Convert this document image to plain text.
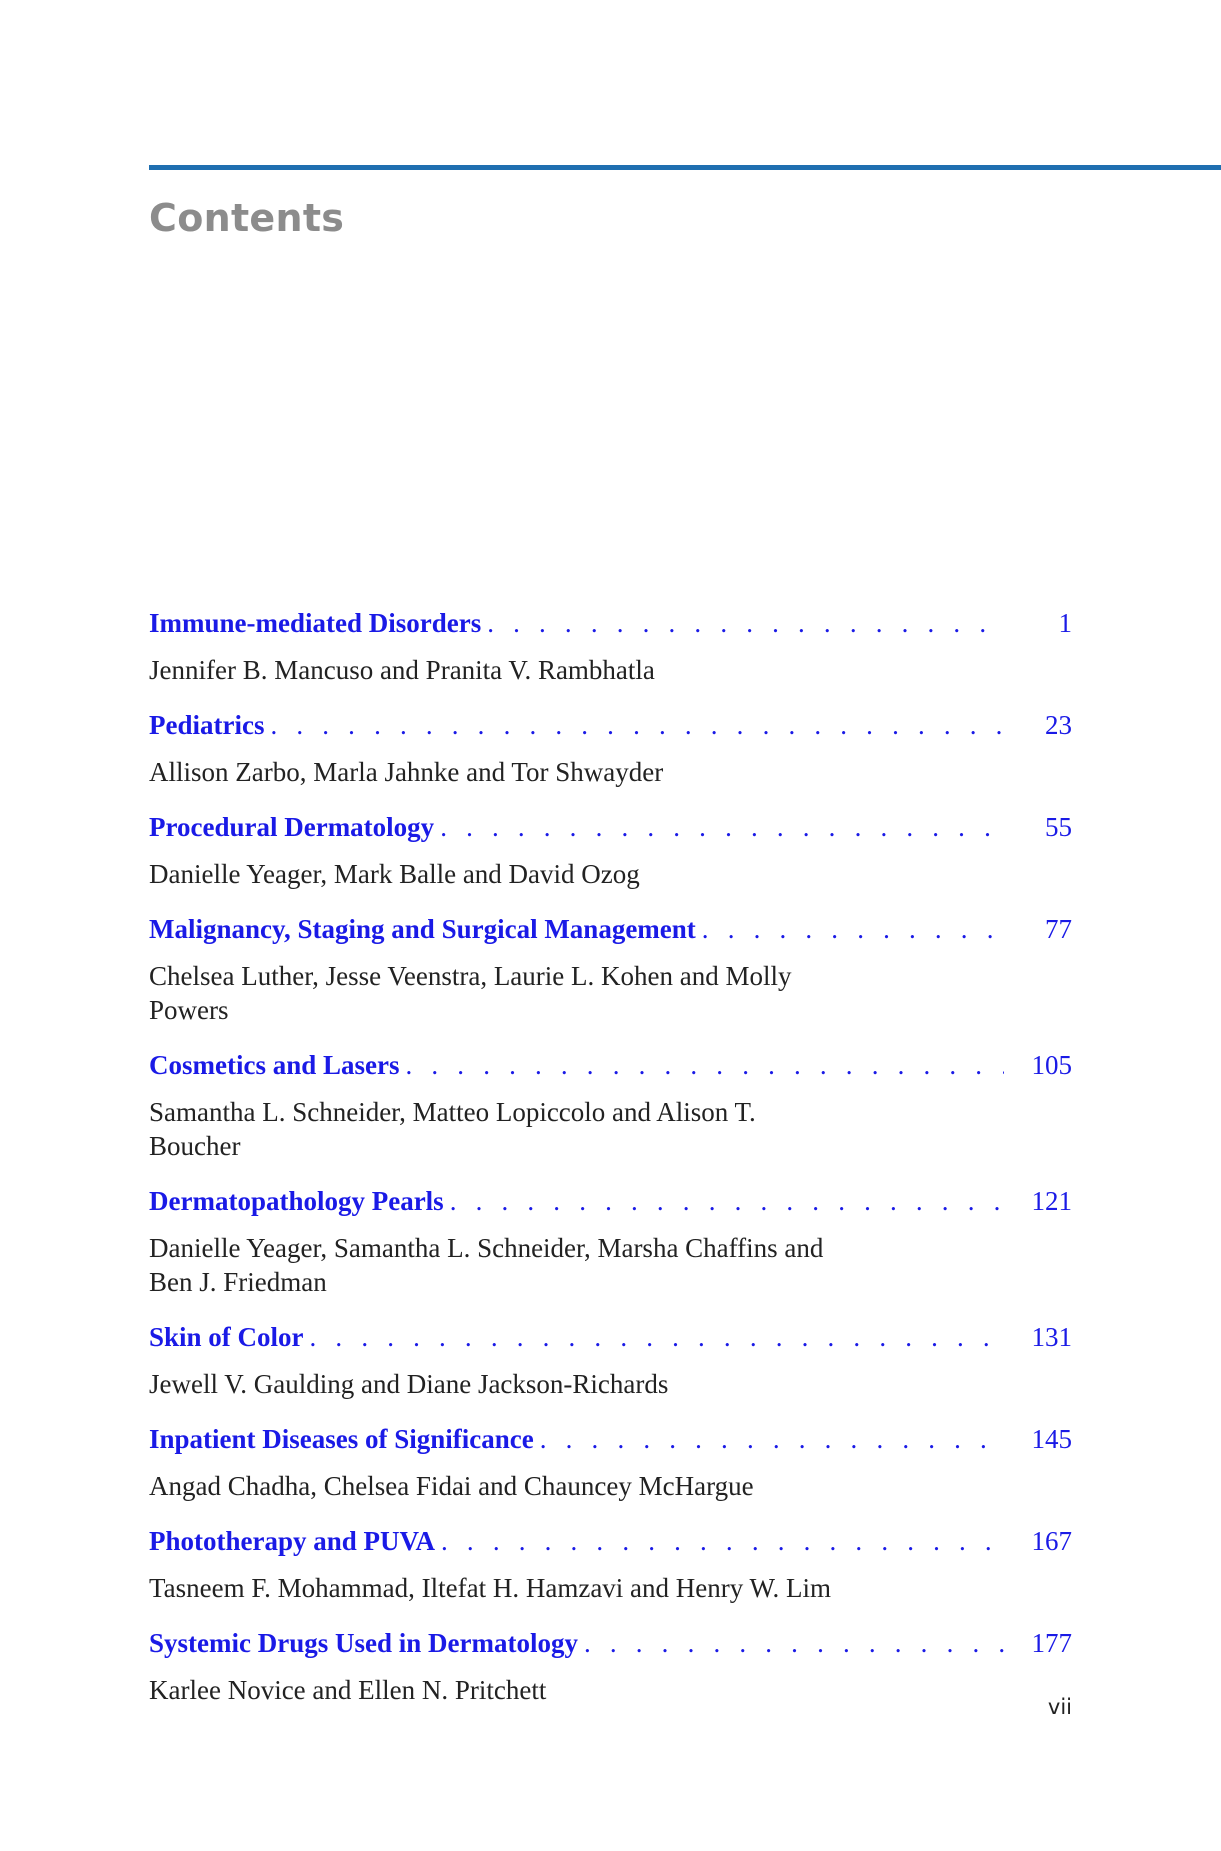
Contents
Immune-mediated Disorders . . .	1
Jennifer B. Mancuso and Pranita V. Rambhatla
Pediatrics . . .	23
Allison Zarbo, Marla Jahnke and Tor Shwayder
Procedural Dermatology . . .	55
Danielle Yeager, Mark Balle and David Ozog
Malignancy, Staging and Surgical Management . . .	77
Chelsea Luther, Jesse Veenstra, Laurie L. Kohen and Molly Powers
Cosmetics and Lasers . . .	105
Samantha L. Schneider, Matteo Lopiccolo and Alison T. Boucher
Dermatopathology Pearls . . .	121
Danielle Yeager, Samantha L. Schneider, Marsha Chaffins and Ben J. Friedman
Skin of Color . . .	131
Jewell V. Gaulding and Diane Jackson-Richards
Inpatient Diseases of Significance . . .	145
Angad Chadha, Chelsea Fidai and Chauncey McHargue
Phototherapy and PUVA . . .	167
Tasneem F. Mohammad, Iltefat H. Hamzavi and Henry W. Lim
Systemic Drugs Used in Dermatology . . .	177
Karlee Novice and Ellen N. Pritchett
vii
